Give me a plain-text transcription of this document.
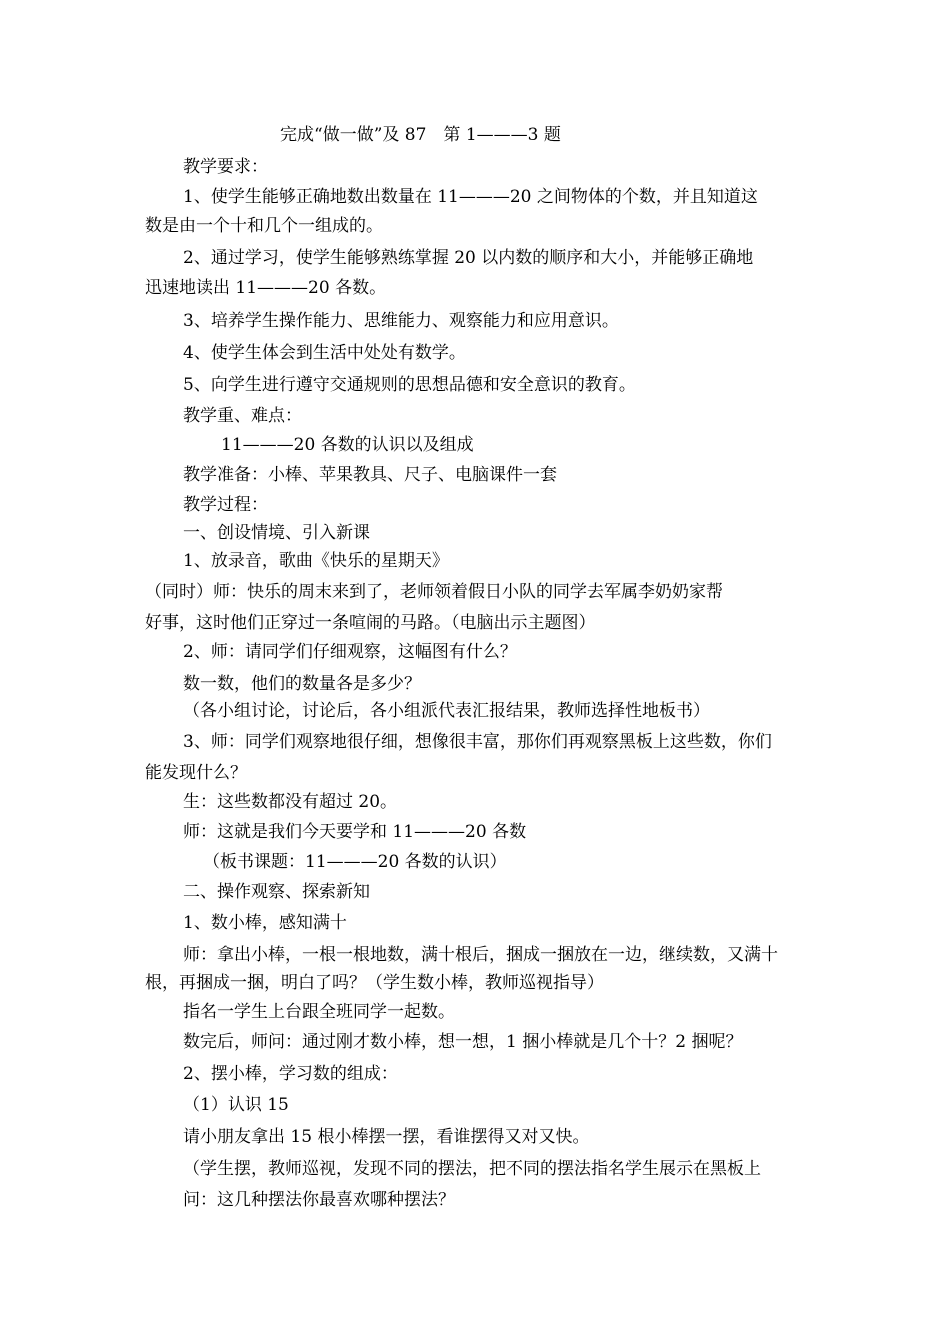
完成“做一做”及 87　第 1———3 题
教学要求：
1、使学生能够正确地数出数量在 11———20 之间物体的个数，并且知道这
数是由一个十和几个一组成的。
2、通过学习，使学生能够熟练掌握 20 以内数的顺序和大小，并能够正确地
迅速地读出 11———20 各数。
3、培养学生操作能力、思维能力、观察能力和应用意识。
4、使学生体会到生活中处处有数学。
5、向学生进行遵守交通规则的思想品德和安全意识的教育。
教学重、难点：
11———20 各数的认识以及组成
教学准备：小棒、苹果教具、尺子、电脑课件一套
教学过程：
一、创设情境、引入新课
1、放录音，歌曲《快乐的星期天》
（同时）师：快乐的周末来到了，老师领着假日小队的同学去军属李奶奶家帮
好事，这时他们正穿过一条喧闹的马路。（电脑出示主题图）
2、师：请同学们仔细观察，这幅图有什么？
数一数，他们的数量各是多少？
（各小组讨论，讨论后，各小组派代表汇报结果，教师选择性地板书）
3、师：同学们观察地很仔细，想像很丰富，那你们再观察黑板上这些数，你们
能发现什么？
生：这些数都没有超过 20。
师：这就是我们今天要学和 11———20 各数
（板书课题：11———20 各数的认识）
二、操作观察、探索新知
1、数小棒，感知满十
师：拿出小棒，一根一根地数，满十根后，捆成一捆放在一边，继续数，又满十
根，再捆成一捆，明白了吗？（学生数小棒，教师巡视指导）
指名一学生上台跟全班同学一起数。
数完后，师问：通过刚才数小棒，想一想，1 捆小棒就是几个十？2 捆呢？
2、摆小棒，学习数的组成：
（1）认识 15
请小朋友拿出 15 根小棒摆一摆，看谁摆得又对又快。
（学生摆，教师巡视，发现不同的摆法，把不同的摆法指名学生展示在黑板上
问：这几种摆法你最喜欢哪种摆法？
